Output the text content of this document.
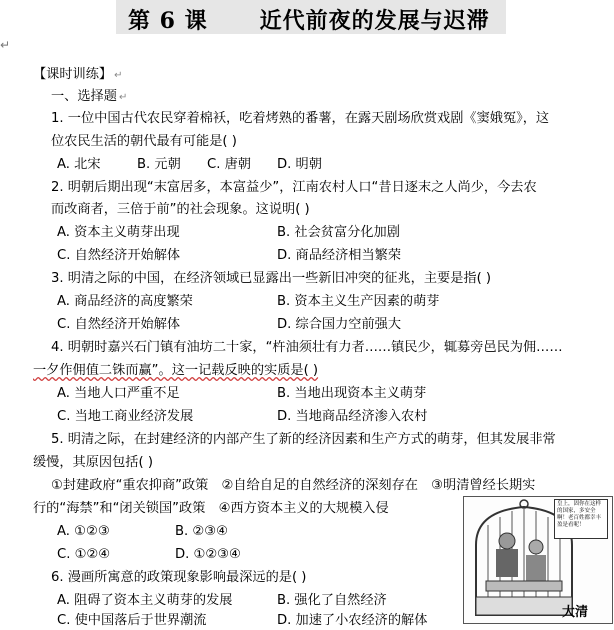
第 6 课 近代前夜的发展与迟滞
↵
【课时训练】 ↵
一、选择题 ↵
1. 一位中国古代农民穿着棉袄，吃着烤熟的番薯，在露天剧场欣赏戏剧《窦娥冤》，这
位农民生活的朝代最有可能是( )
A. 北宋	B. 元朝 C. 唐朝 D. 明朝
2. 明朝后期出现“末富居多，本富益少”，江南农村人口“昔日逐末之人尚少，今去农
而改商者，三倍于前”的社会现象。这说明( )
A. 资本主义萌芽出现	B. 社会贫富分化加剧
C. 自然经济开始解体	D. 商品经济相当繁荣
3. 明清之际的中国，在经济领域已显露出一些新旧冲突的征兆，主要是指( )
A. 商品经济的高度繁荣	B. 资本主义生产因素的萌芽
C. 自然经济开始解体	D. 综合国力空前强大
4. 明朝时嘉兴石门镇有油坊二十家，“杵油须壮有力者……镇民少，辄募旁邑民为佣……
一夕作佣值二铢而赢”。这一记载反映的实质是( )
A. 当地人口严重不足	B. 当地出现资本主义萌芽
C. 当地工商业经济发展	D. 当地商品经济渗入农村
5. 明清之际，在封建经济的内部产生了新的经济因素和生产方式的萌芽，但其发展非常
缓慢，其原因包括( )
①封建政府“重农抑商”政策　②自给自足的自然经济的深刻存在　③明清曾经长期实
行的“海禁”和“闭关锁国”政策　④西方资本主义的大规模入侵
A. ①②③	B. ②③④
C. ①②④	D. ①②③④
6. 漫画所寓意的政策现象影响最深远的是( )
A. 阻碍了资本主义萌芽的发展	B. 强化了自然经济
C. 使中国落后于世界潮流	D. 加速了小农经济的解体
皇上，固你在这样的国家，多安全啊！老百姓都幸丰盈是看呢！
大清
